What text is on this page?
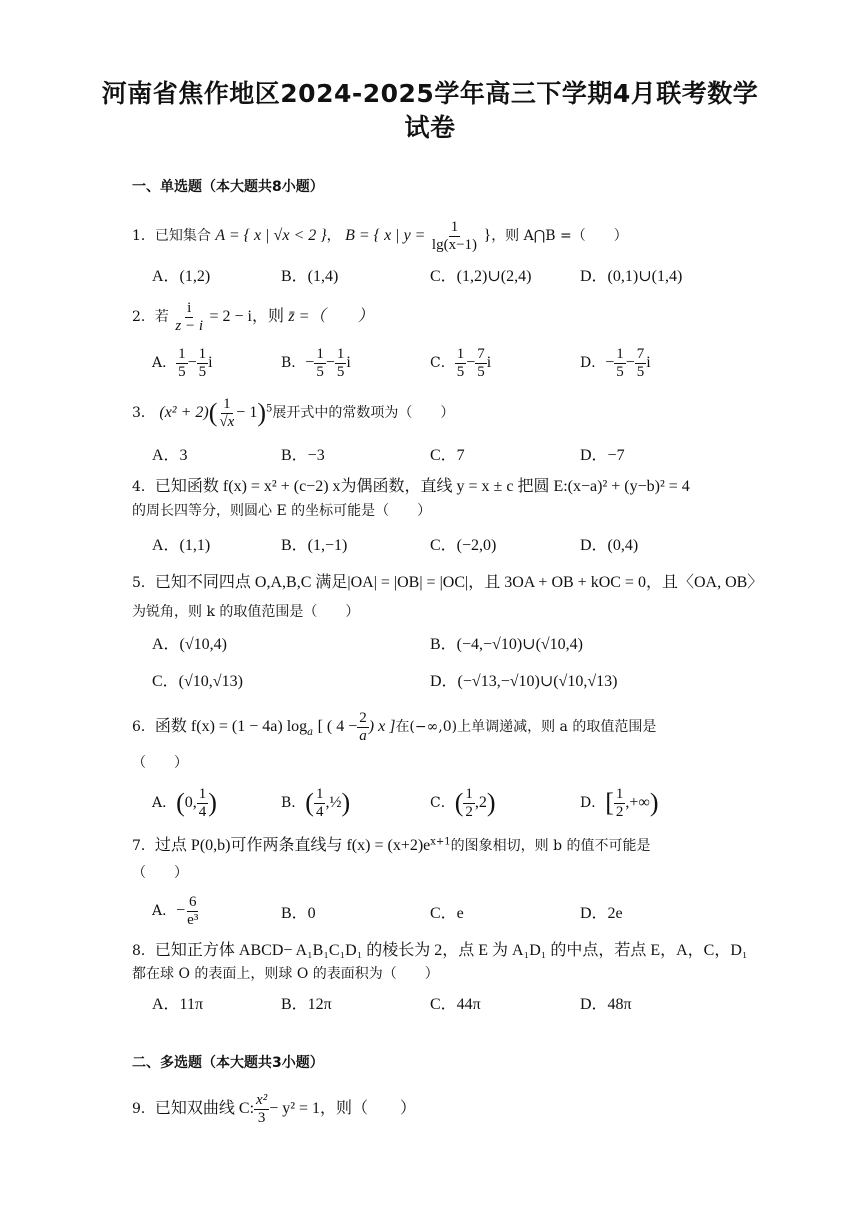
河南省焦作地区2024-2025学年高三下学期4月联考数学
试卷
一、单选题（本大题共8小题）
1．已知集合 A = { x | √x < 2 }， B = { x | $y = \frac{1}{\lg(x-1)}$ }，则 A⋂B =（　　）
A．(1,2)	B．(1,4)	C．(1,2)∪(2,4)	D．(0,1)∪(1,4)
2．若 $\frac{i}{z - i} = 2 - i$，则 z̄ =（　　）
A． $\frac{1}{5} - \frac{1}{5}$ i	B．− $\frac{1}{5} - \frac{1}{5}$ i	C． $\frac{1}{5} - \frac{7}{5}$ i	D．− $\frac{1}{5} - \frac{7}{5}$ i
3． $(x^2 + 2)( \frac{1}{√x} - 1)^5$展开式中的常数项为（　　）
A．3	B．−3	C．7	D．−7
4．已知函数 f(x) = x² + (c−2) x为偶函数，直线 y = x ± c 把圆 E:(x−a)² + (y−b)² = 4
的周长四等分，则圆心 E 的坐标可能是（　　）
A．(1,1)	B．(1,−1)	C．(−2,0)	D．(0,4)
5．已知不同四点 O,A,B,C 满足|OA| = |OB| = |OC|，且 3OA + OB + kOC = 0，且〈OA, OB〉
为锐角，则 k 的取值范围是（　　）
A．(√10,4)	B．(−4,−√10)∪(√10,4)
C．(√10,√13)	D．(−√13,−√10)∪(√10,√13)
6．函数 f(x) = (1 − 4a) $\log_a$ [ ( $4 - \frac{2}{a}$ ) x ]在(−∞,0)上单调递减，则 a 的取值范围是
（　　）
A．(0, $\frac{1}{4}$ )	B．( $\frac{1}{4}$ ,½)	C．( $\frac{1}{2} ,2$)	D．[ $\frac{1}{2}$ ,+∞)
7．过点 P(0,b)可作两条直线与 $f(x) = (x+2)e^{x+1}$的图象相切，则 b 的值不可能是
（　　）
A．− $\frac{6}{\text{e³}}$	B．0	C．e	D．2e
8．已知正方体 ABCD− A₁B₁C₁D₁ 的棱长为 2，点 E 为 A₁D₁ 的中点，若点 E，A，C，D₁
都在球 O 的表面上，则球 O 的表面积为（　　）
A．11π	B．12π	C．44π	D．48π
二、多选题（本大题共3小题）
9．已知双曲线 C: $\frac{\text{x²}}{3} - y^2 = 1$，则（　　）
